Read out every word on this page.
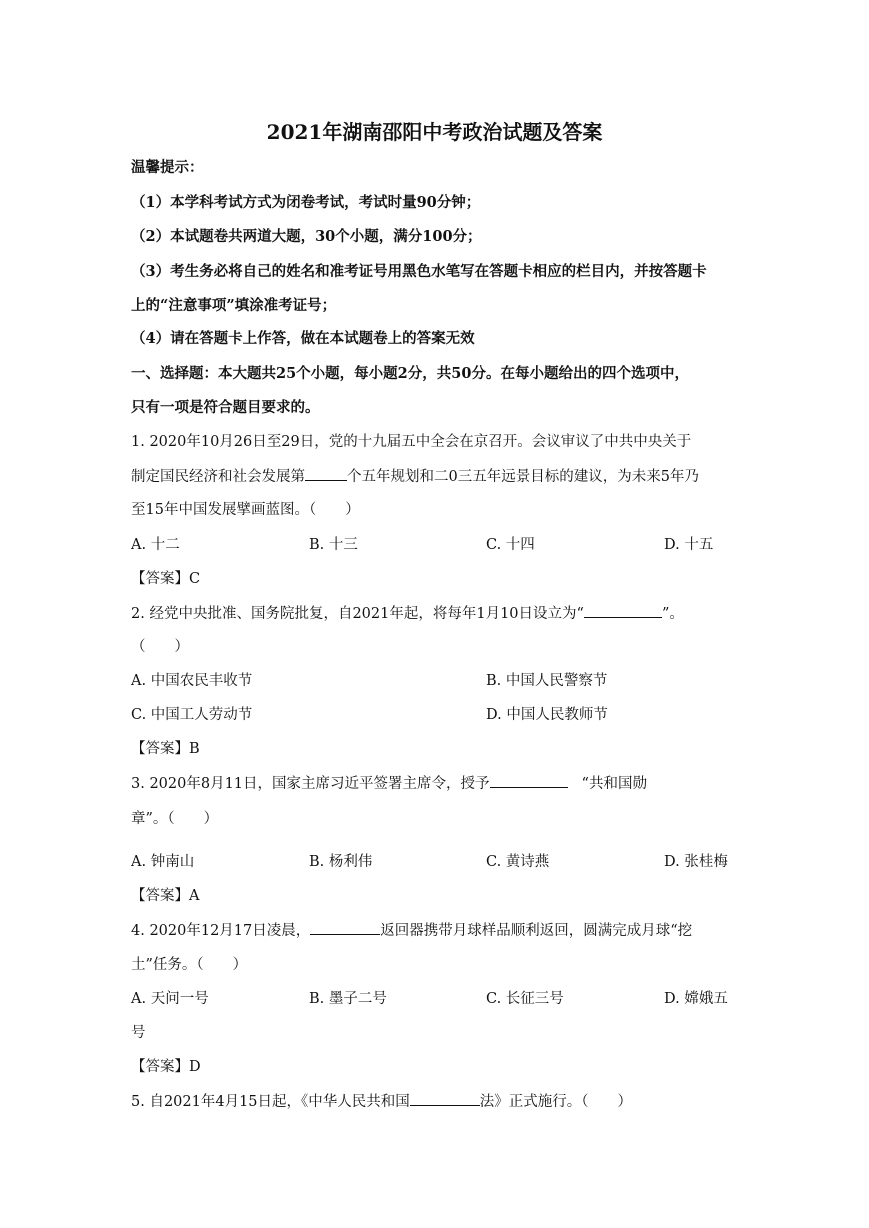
2021年湖南邵阳中考政治试题及答案
温馨提示：
（1）本学科考试方式为闭卷考试，考试时量90分钟；
（2）本试题卷共两道大题，30个小题，满分100分；
（3）考生务必将自己的姓名和准考证号用黑色水笔写在答题卡相应的栏目内，并按答题卡
上的“注意事项”填涂准考证号；
（4）请在答题卡上作答，做在本试题卷上的答案无效
一、选择题：本大题共25个小题，每小题2分，共50分。在每小题给出的四个选项中，
只有一项是符合题目要求的。
1. 2020年10月26日至29日，党的十九届五中全会在京召开。会议审议了中共中央关于
制定国民经济和社会发展第	个五年规划和二0三五年远景目标的建议，为未来5年乃
至15年中国发展擘画蓝图。（　　）
A. 十二	B. 十三	C. 十四	D. 十五
【答案】C
2. 经党中央批准、国务院批复，自2021年起，将每年1月10日设立为“	”。
（　　）
A. 中国农民丰收节	B. 中国人民警察节
C. 中国工人劳动节	D. 中国人民教师节
【答案】B
3. 2020年8月11日，国家主席习近平签署主席令，授予	“共和国勋
章”。（　　）
A. 钟南山	B. 杨利伟	C. 黄诗燕	D. 张桂梅
【答案】A
4. 2020年12月17日凌晨，	返回器携带月球样品顺利返回，圆满完成月球“挖
土”任务。（　　）
A. 天问一号	B. 墨子二号	C. 长征三号	D. 嫦娥五
号
【答案】D
5. 自2021年4月15日起，《中华人民共和国	法》正式施行。（　　）
